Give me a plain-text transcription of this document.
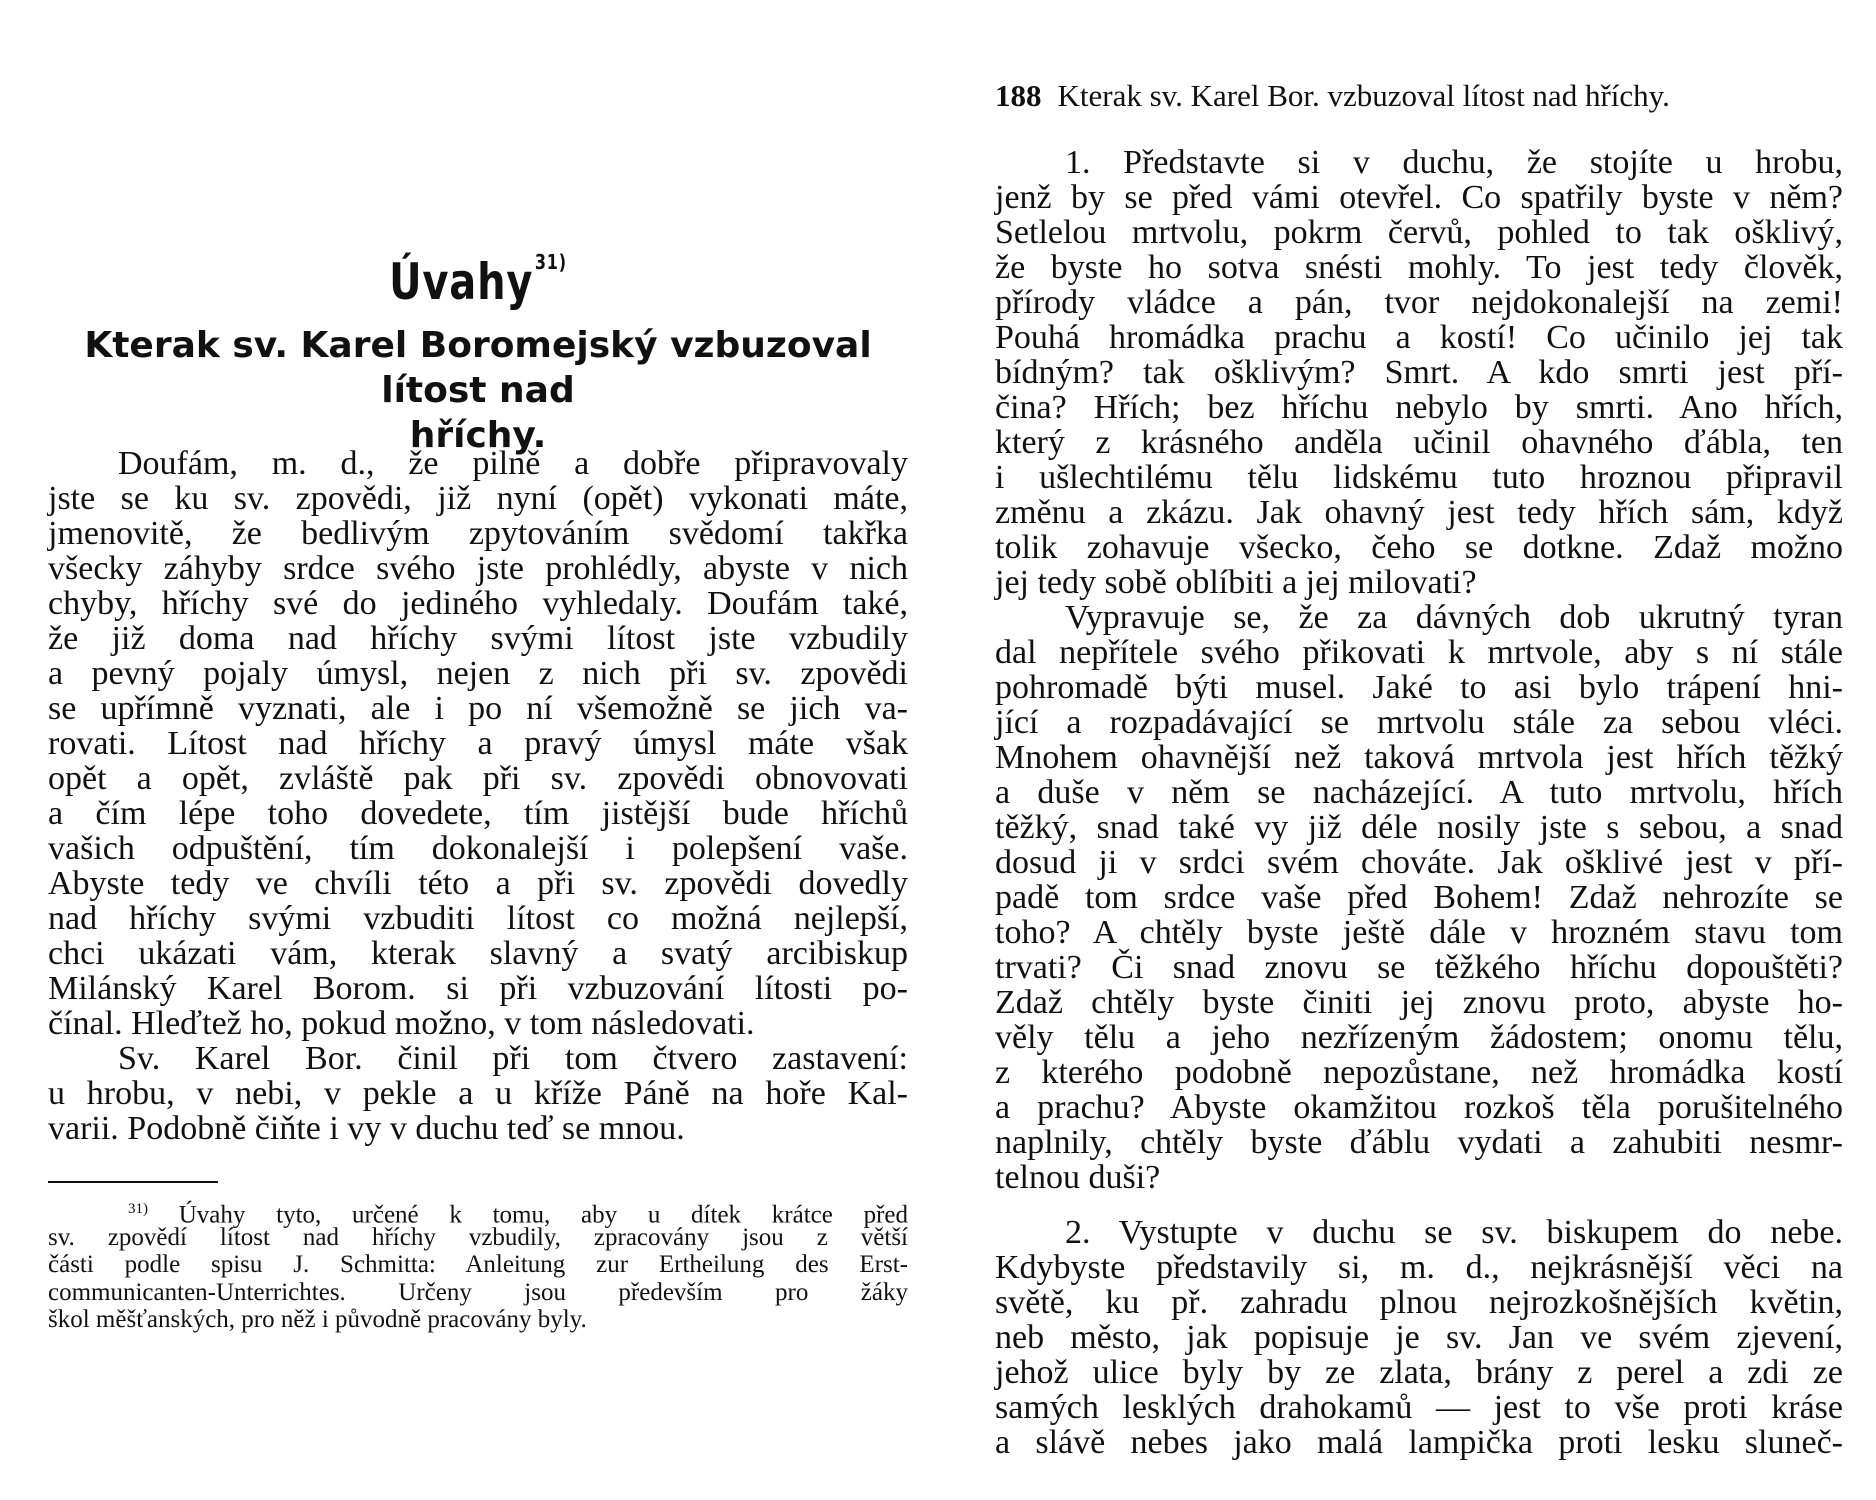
Úvahy$^{31)}$
Kterak sv. Karel Boromejský vzbuzoval lítost nad
hříchy.
Doufám, m. d., že pilně a dobře připravovaly
jste se ku sv. zpovědi, již nyní (opět) vykonati máte,
jmenovitě, že bedlivým zpytováním svědomí takřka
všecky záhyby srdce svého jste prohlédly, abyste v nich
chyby, hříchy své do jediného vyhledaly. Doufám také,
že již doma nad hříchy svými lítost jste vzbudily
a pevný pojaly úmysl, nejen z nich při sv. zpovědi
se upřímně vyznati, ale i po ní všemožně se jich va-
rovati. Lítost nad hříchy a pravý úmysl máte však
opět a opět, zvláště pak při sv. zpovědi obnovovati
a čím lépe toho dovedete, tím jistější bude hříchů
vašich odpuštění, tím dokonalejší i polepšení vaše.
Abyste tedy ve chvíli této a při sv. zpovědi dovedly
nad hříchy svými vzbuditi lítost co možná nejlepší,
chci ukázati vám, kterak slavný a svatý arcibiskup
Milánský Karel Borom. si při vzbuzování lítosti po-
čínal. Hleďtež ho, pokud možno, v tom následovati.
Sv. Karel Bor. činil při tom čtvero zastavení:
u hrobu, v nebi, v pekle a u kříže Páně na hoře Kal-
varii. Podobně čiňte i vy v duchu teď se mnou.
$^{31)}$ Úvahy tyto, určené k tomu, aby u dítek krátce před
sv. zpovědí lítost nad hříchy vzbudily, zpracovány jsou z větší
části podle spisu J. Schmitta: Anleitung zur Ertheilung des Erst-
communicanten-Unterrichtes. Určeny jsou především pro žáky
škol měšťanských, pro něž i původně pracovány byly.
188 Kterak sv. Karel Bor. vzbuzoval lítost nad hříchy.
1. Představte si v duchu, že stojíte u hrobu,
jenž by se před vámi otevřel. Co spatřily byste v něm?
Setlelou mrtvolu, pokrm červů, pohled to tak ošklivý,
že byste ho sotva snésti mohly. To jest tedy člověk,
přírody vládce a pán, tvor nejdokonalejší na zemi!
Pouhá hromádka prachu a kostí! Co učinilo jej tak
bídným? tak ošklivým? Smrt. A kdo smrti jest pří-
čina? Hřích; bez hříchu nebylo by smrti. Ano hřích,
který z krásného anděla učinil ohavného ďábla, ten
i ušlechtilému tělu lidskému tuto hroznou připravil
změnu a zkázu. Jak ohavný jest tedy hřích sám, když
tolik zohavuje všecko, čeho se dotkne. Zdaž možno
jej tedy sobě oblíbiti a jej milovati?
Vypravuje se, že za dávných dob ukrutný tyran
dal nepřítele svého přikovati k mrtvole, aby s ní stále
pohromadě býti musel. Jaké to asi bylo trápení hni-
jící a rozpadávající se mrtvolu stále za sebou vléci.
Mnohem ohavnější než taková mrtvola jest hřích těžký
a duše v něm se nacházející. A tuto mrtvolu, hřích
těžký, snad také vy již déle nosily jste s sebou, a snad
dosud ji v srdci svém chováte. Jak ošklivé jest v pří-
padě tom srdce vaše před Bohem! Zdaž nehrozíte se
toho? A chtěly byste ještě dále v hrozném stavu tom
trvati? Či snad znovu se těžkého hříchu dopouštěti?
Zdaž chtěly byste činiti jej znovu proto, abyste ho-
věly tělu a jeho nezřízeným žádostem; onomu tělu,
z kterého podobně nepozůstane, než hromádka kostí
a prachu? Abyste okamžitou rozkoš těla porušitelného
naplnily, chtěly byste ďáblu vydati a zahubiti nesmr-
telnou duši?
2. Vystupte v duchu se sv. biskupem do nebe.
Kdybyste představily si, m. d., nejkrásnější věci na
světě, ku př. zahradu plnou nejrozkošnějších květin,
neb město, jak popisuje je sv. Jan ve svém zjevení,
jehož ulice byly by ze zlata, brány z perel a zdi ze
samých lesklých drahokamů — jest to vše proti kráse
a slávě nebes jako malá lampička proti lesku sluneč-
